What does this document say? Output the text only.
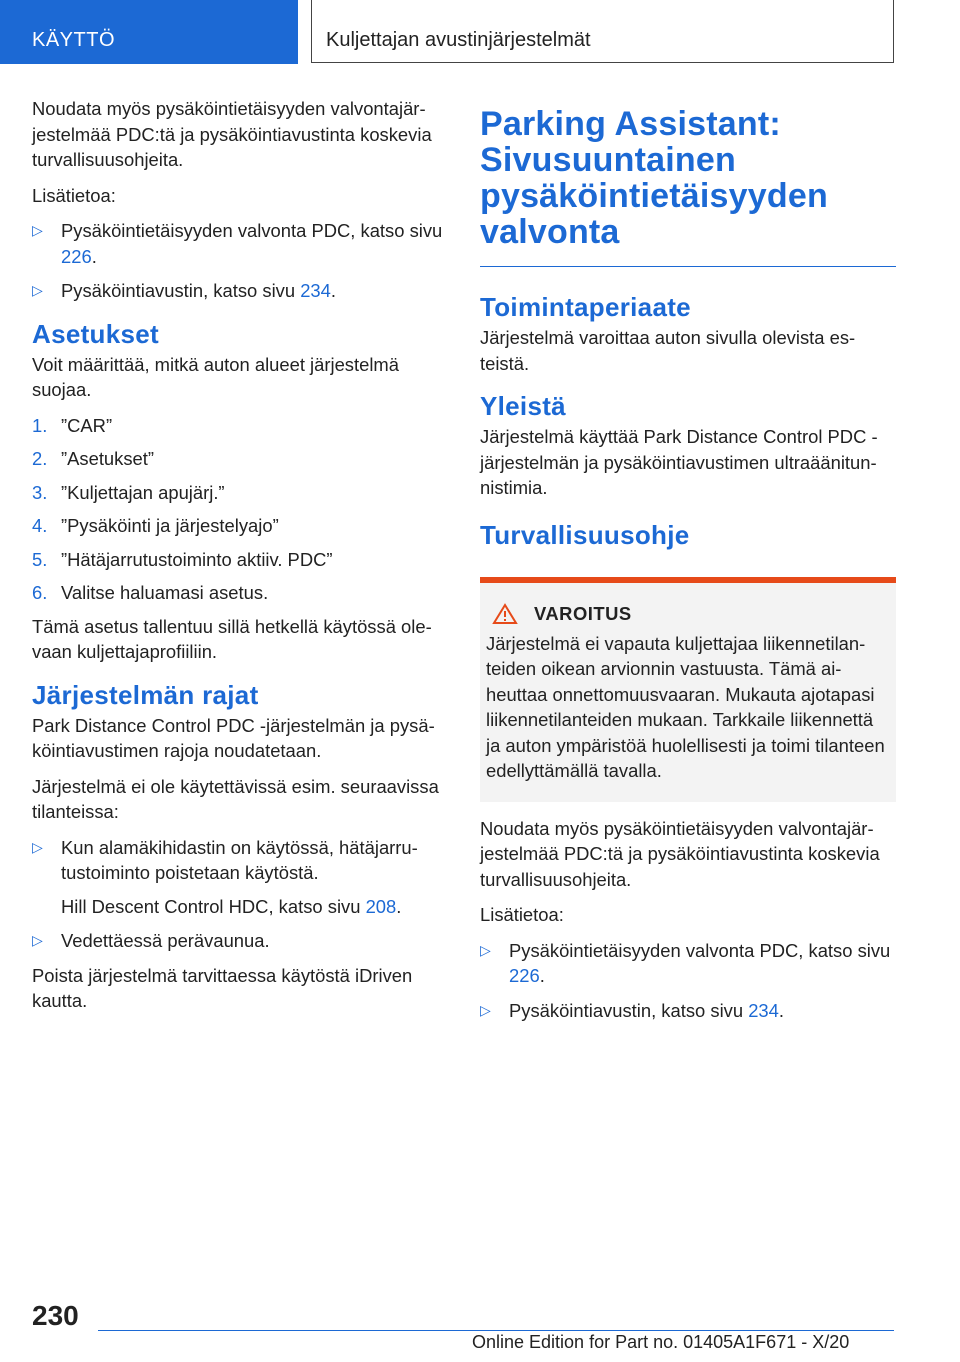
KÄYTTÖ	Kuljettajan avustinjärjestelmät

Noudata myös pysäköintietäisyyden valvontajärjestelmää PDC:tä ja pysäköintiavustinta koskevia turvallisuusohjeita.

Lisätietoa:

▷ Pysäköintietäisyyden valvonta PDC, katso sivu 226.
▷ Pysäköintiavustin, katso sivu 234.
Asetukset

Voit määrittää, mitkä auton alueet järjestelmä suojaa.

1. ”CAR”
2. ”Asetukset”
3. ”Kuljettajan apujärj.”
4. ”Pysäköinti ja järjestelyajo”
5. ”Hätäjarrutustoiminto aktiiv. PDC”
6. Valitse haluamasi asetus.

Tämä asetus tallentuu sillä hetkellä käytössä olevaan kuljettajaprofiiliin.

Järjestelmän rajat

Park Distance Control PDC -järjestelmän ja pysäköintiavustimen rajoja noudatetaan.

Järjestelmä ei ole käytettävissä esim. seuraavissa tilanteissa:

▷ Kun alamäkihidastin on käytössä, hätäjarrutustoiminto poistetaan käytöstä.
Hill Descent Control HDC, katso sivu 208.
▷ Vedettäessä perävaunua.

Poista järjestelmä tarvittaessa käytöstä iDriven kautta.

Parking Assistant: Sivusuuntainen pysäköintietäisyyden valvonta
Toimintaperiaate

Järjestelmä varoittaa auton sivulla olevista esteistä.

Yleistä

Järjestelmä käyttää Park Distance Control PDC -järjestelmän ja pysäköintiavustimen ultraäänitunnistimia.

Turvallisuusohje
VAROITUS

Järjestelmä ei vapauta kuljettajaa liikennetilanteiden oikean arvionnin vastuusta. Tämä aiheuttaa onnettomuusvaaran. Mukauta ajotapasi liikennetilanteiden mukaan. Tarkkaile liikennettä ja auton ympäristöä huolellisesti ja toimi tilanteen edellyttämällä tavalla.

Noudata myös pysäköintietäisyyden valvontajärjestelmää PDC:tä ja pysäköintiavustinta koskevia turvallisuusohjeita.

Lisätietoa:

▷ Pysäköintietäisyyden valvonta PDC, katso sivu 226.
▷ Pysäköintiavustin, katso sivu 234.
230
Online Edition for Part no. 01405A1F671 - X/20
